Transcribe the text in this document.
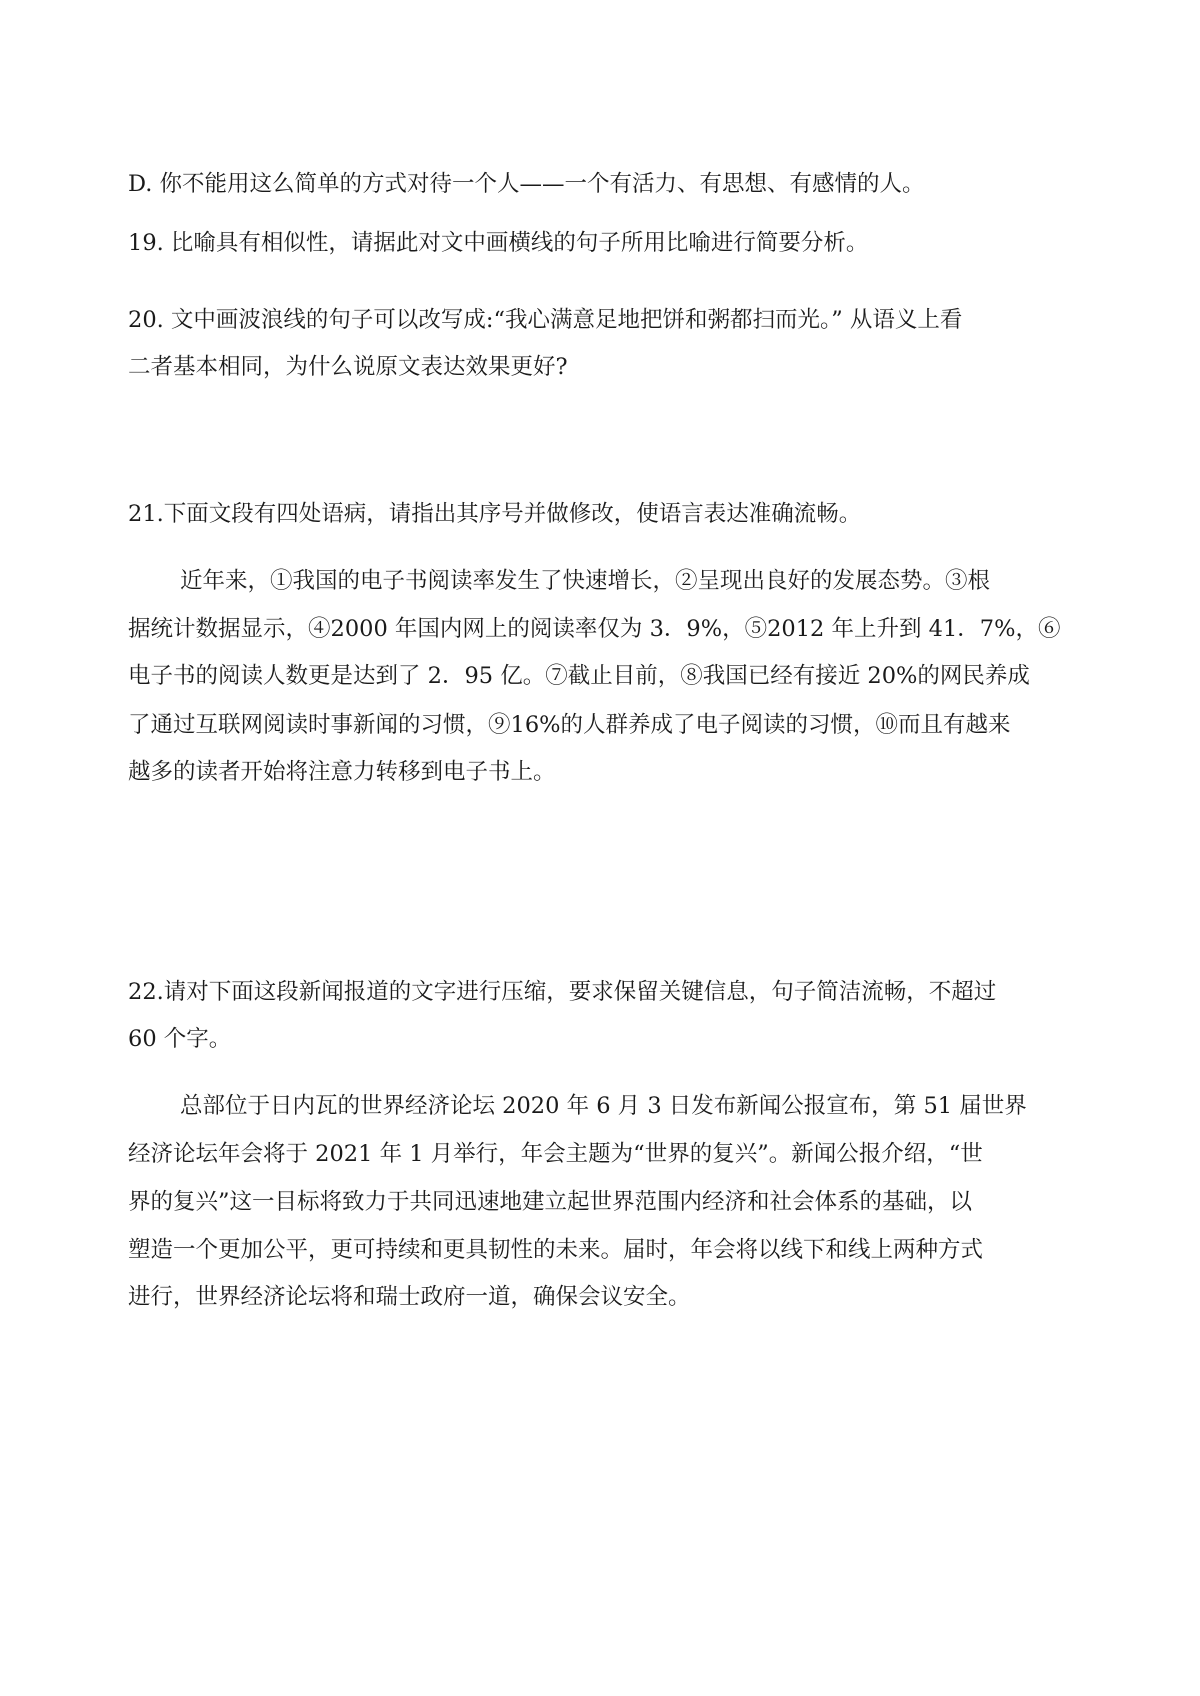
D. 你不能用这么简单的方式对待一个人——一个有活力、有思想、有感情的人。

19. 比喻具有相似性，请据此对文中画横线的句子所用比喻进行简要分析。

20. 文中画波浪线的句子可以改写成:“我心满意足地把饼和粥都扫而光。” 从语义上看

二者基本相同，为什么说原文表达效果更好?

21.下面文段有四处语病，请指出其序号并做修改，使语言表达准确流畅。

近年来，①我国的电子书阅读率发生了快速增长，②呈现出良好的发展态势。③根

据统计数据显示，④2000 年国内网上的阅读率仅为 3．9%，⑤2012 年上升到 41．7%，⑥

电子书的阅读人数更是达到了 2．95 亿。⑦截止目前，⑧我国已经有接近 20%的网民养成

了通过互联网阅读时事新闻的习惯，⑨16%的人群养成了电子阅读的习惯，⑩而且有越来

越多的读者开始将注意力转移到电子书上。

22.请对下面这段新闻报道的文字进行压缩，要求保留关键信息，句子简洁流畅，不超过

60 个字。

总部位于日内瓦的世界经济论坛 2020 年 6 月 3 日发布新闻公报宣布，第 51 届世界

经济论坛年会将于 2021 年 1 月举行，年会主题为“世界的复兴”。新闻公报介绍，“世

界的复兴”这一目标将致力于共同迅速地建立起世界范围内经济和社会体系的基础，以

塑造一个更加公平，更可持续和更具韧性的未来。届时，年会将以线下和线上两种方式

进行，世界经济论坛将和瑞士政府一道，确保会议安全。
